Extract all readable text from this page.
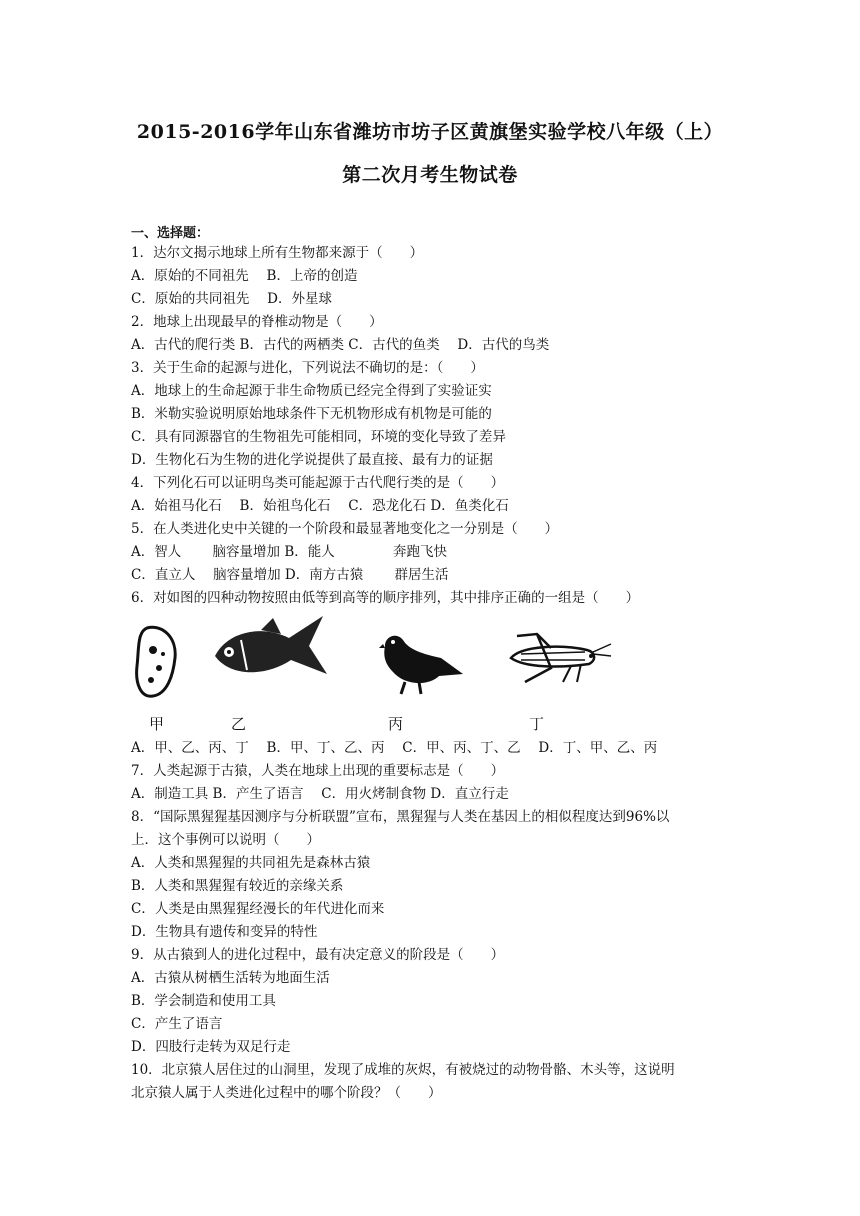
2015-2016学年山东省潍坊市坊子区黄旗堡实验学校八年级（上）
第二次月考生物试卷
一、选择题：
1．达尔文揭示地球上所有生物都来源于（　　）
A．原始的不同祖先　 B．上帝的创造
C．原始的共同祖先　 D．外星球
2．地球上出现最早的脊椎动物是（　　）
A．古代的爬行类 B．古代的两栖类 C．古代的鱼类　 D．古代的鸟类
3．关于生命的起源与进化，下列说法不确切的是：（　　）
A．地球上的生命起源于非生命物质已经完全得到了实验证实
B．米勒实验说明原始地球条件下无机物形成有机物是可能的
C．具有同源器官的生物祖先可能相同，环境的变化导致了差异
D．生物化石为生物的进化学说提供了最直接、最有力的证据
4．下列化石可以证明鸟类可能起源于古代爬行类的是（　　）
A．始祖马化石　 B．始祖鸟化石　 C．恐龙化石 D．鱼类化石
5．在人类进化史中关键的一个阶段和最显著地变化之一分别是（　　）
A．智人　　 脑容量增加 B．能人　　　　 奔跑飞快
C．直立人　 脑容量增加 D．南方古猿　　 群居生活
6．对如图的四种动物按照由低等到高等的顺序排列，其中排序正确的一组是（　　）
甲	乙	丙	丁
A．甲、乙、丙、丁　 B．甲、丁、乙、丙　 C．甲、丙、丁、乙　 D．丁、甲、乙、丙
7．人类起源于古猿，人类在地球上出现的重要标志是（　　）
A．制造工具 B．产生了语言　 C．用火烤制食物 D．直立行走
8．“国际黑猩猩基因测序与分析联盟”宣布，黑猩猩与人类在基因上的相似程度达到96%以
上．这个事例可以说明（　　）
A．人类和黑猩猩的共同祖先是森林古猿
B．人类和黑猩猩有较近的亲缘关系
C．人类是由黑猩猩经漫长的年代进化而来
D．生物具有遗传和变异的特性
9．从古猿到人的进化过程中，最有决定意义的阶段是（　　）
A．古猿从树栖生活转为地面生活
B．学会制造和使用工具
C．产生了语言
D．四肢行走转为双足行走
10．北京猿人居住过的山洞里，发现了成堆的灰烬，有被烧过的动物骨骼、木头等，这说明
北京猿人属于人类进化过程中的哪个阶段？（　　）
